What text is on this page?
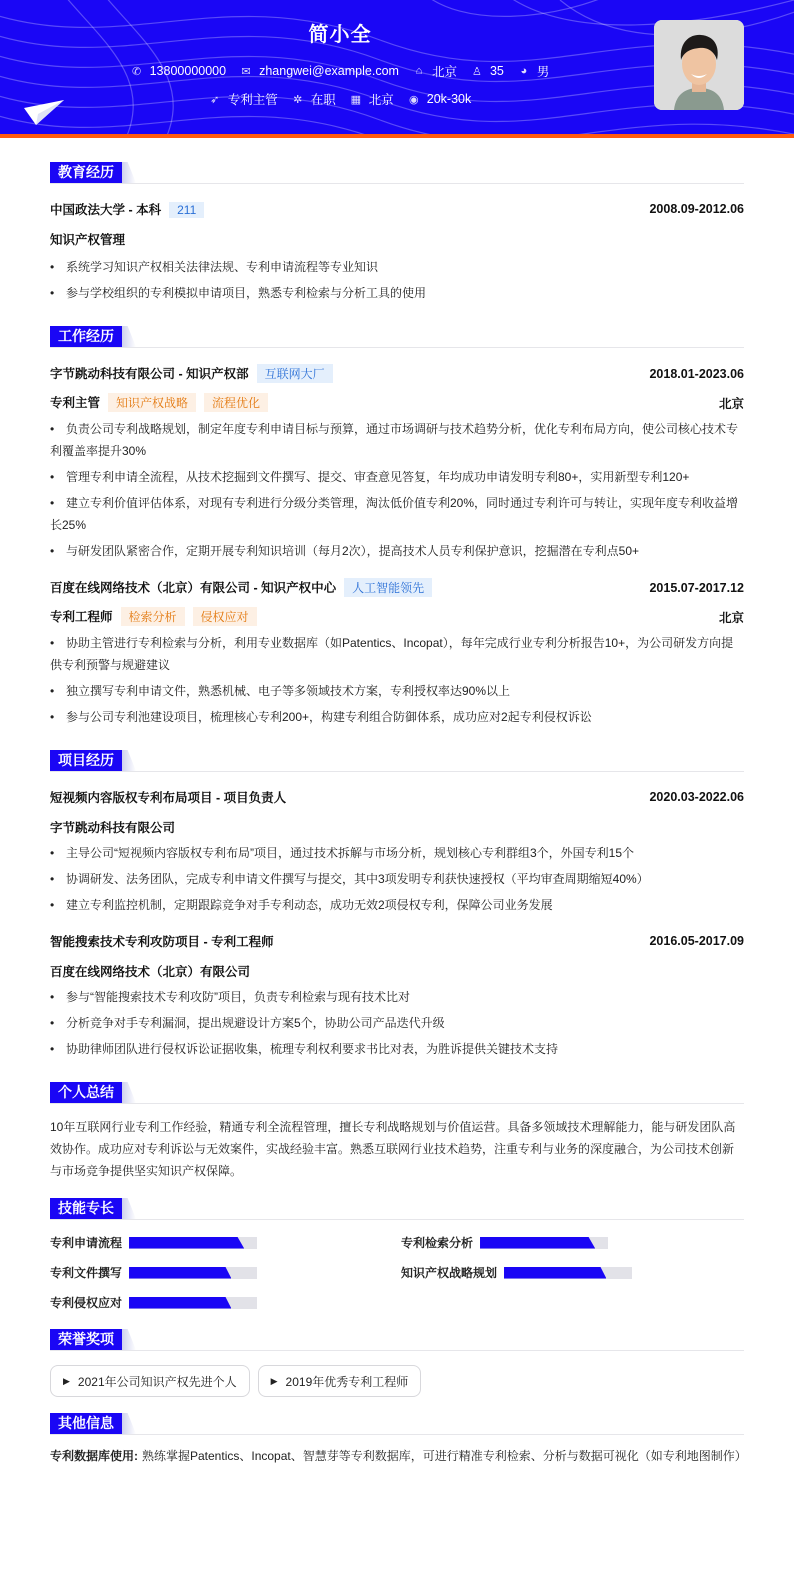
简小全
✆ 13800000000 ✉ zhangwei@example.com ⌂ 北京 ♙ 35 ◕ 男
➶ 专利主管 ✲ 在职 ▦ 北京 ◉ 20k-30k
教育经历
中国政法大学 - 本科 211	2008.09-2012.06
知识产权管理
• 系统学习知识产权相关法律法规、专利申请流程等专业知识
• 参与学校组织的专利模拟申请项目，熟悉专利检索与分析工具的使用
工作经历
字节跳动科技有限公司 - 知识产权部 互联网大厂	2018.01-2023.06
专利主管 知识产权战略 流程优化	北京
• 负责公司专利战略规划，制定年度专利申请目标与预算，通过市场调研与技术趋势分析，优化专利布局方向，使公司核心技术专利覆盖率提升30%
• 管理专利申请全流程，从技术挖掘到文件撰写、提交、审查意见答复，年均成功申请发明专利80+，实用新型专利120+
• 建立专利价值评估体系，对现有专利进行分级分类管理，淘汰低价值专利20%，同时通过专利许可与转让，实现年度专利收益增长25%
• 与研发团队紧密合作，定期开展专利知识培训（每月2次），提高技术人员专利保护意识，挖掘潜在专利点50+
百度在线网络技术（北京）有限公司 - 知识产权中心 人工智能领先	2015.07-2017.12
专利工程师 检索分析 侵权应对	北京
• 协助主管进行专利检索与分析，利用专业数据库（如Patentics、Incopat），每年完成行业专利分析报告10+，为公司研发方向提供专利预警与规避建议
• 独立撰写专利申请文件，熟悉机械、电子等多领域技术方案，专利授权率达90%以上
• 参与公司专利池建设项目，梳理核心专利200+，构建专利组合防御体系，成功应对2起专利侵权诉讼
项目经历
短视频内容版权专利布局项目 - 项目负责人	2020.03-2022.06
字节跳动科技有限公司
• 主导公司“短视频内容版权专利布局”项目，通过技术拆解与市场分析，规划核心专利群组3个，外国专利15个
• 协调研发、法务团队，完成专利申请文件撰写与提交，其中3项发明专利获快速授权（平均审查周期缩短40%）
• 建立专利监控机制，定期跟踪竞争对手专利动态，成功无效2项侵权专利，保障公司业务发展
智能搜索技术专利攻防项目 - 专利工程师	2016.05-2017.09
百度在线网络技术（北京）有限公司
• 参与“智能搜索技术专利攻防”项目，负责专利检索与现有技术比对
• 分析竞争对手专利漏洞，提出规避设计方案5个，协助公司产品迭代升级
• 协助律师团队进行侵权诉讼证据收集，梳理专利权利要求书比对表，为胜诉提供关键技术支持
个人总结
10年互联网行业专利工作经验，精通专利全流程管理，擅长专利战略规划与价值运营。具备多领域技术理解能力，能与研发团队高效协作。成功应对专利诉讼与无效案件，实战经验丰富。熟悉互联网行业技术趋势，注重专利与业务的深度融合，为公司技术创新与市场竞争提供坚实知识产权保障。
技能专长
专利申请流程	专利检索分析
专利文件撰写	知识产权战略规划
专利侵权应对
荣誉奖项
▶ 2021年公司知识产权先进个人	▶ 2019年优秀专利工程师
其他信息
专利数据库使用: 熟练掌握Patentics、Incopat、智慧芽等专利数据库，可进行精准专利检索、分析与数据可视化（如专利地图制作）
